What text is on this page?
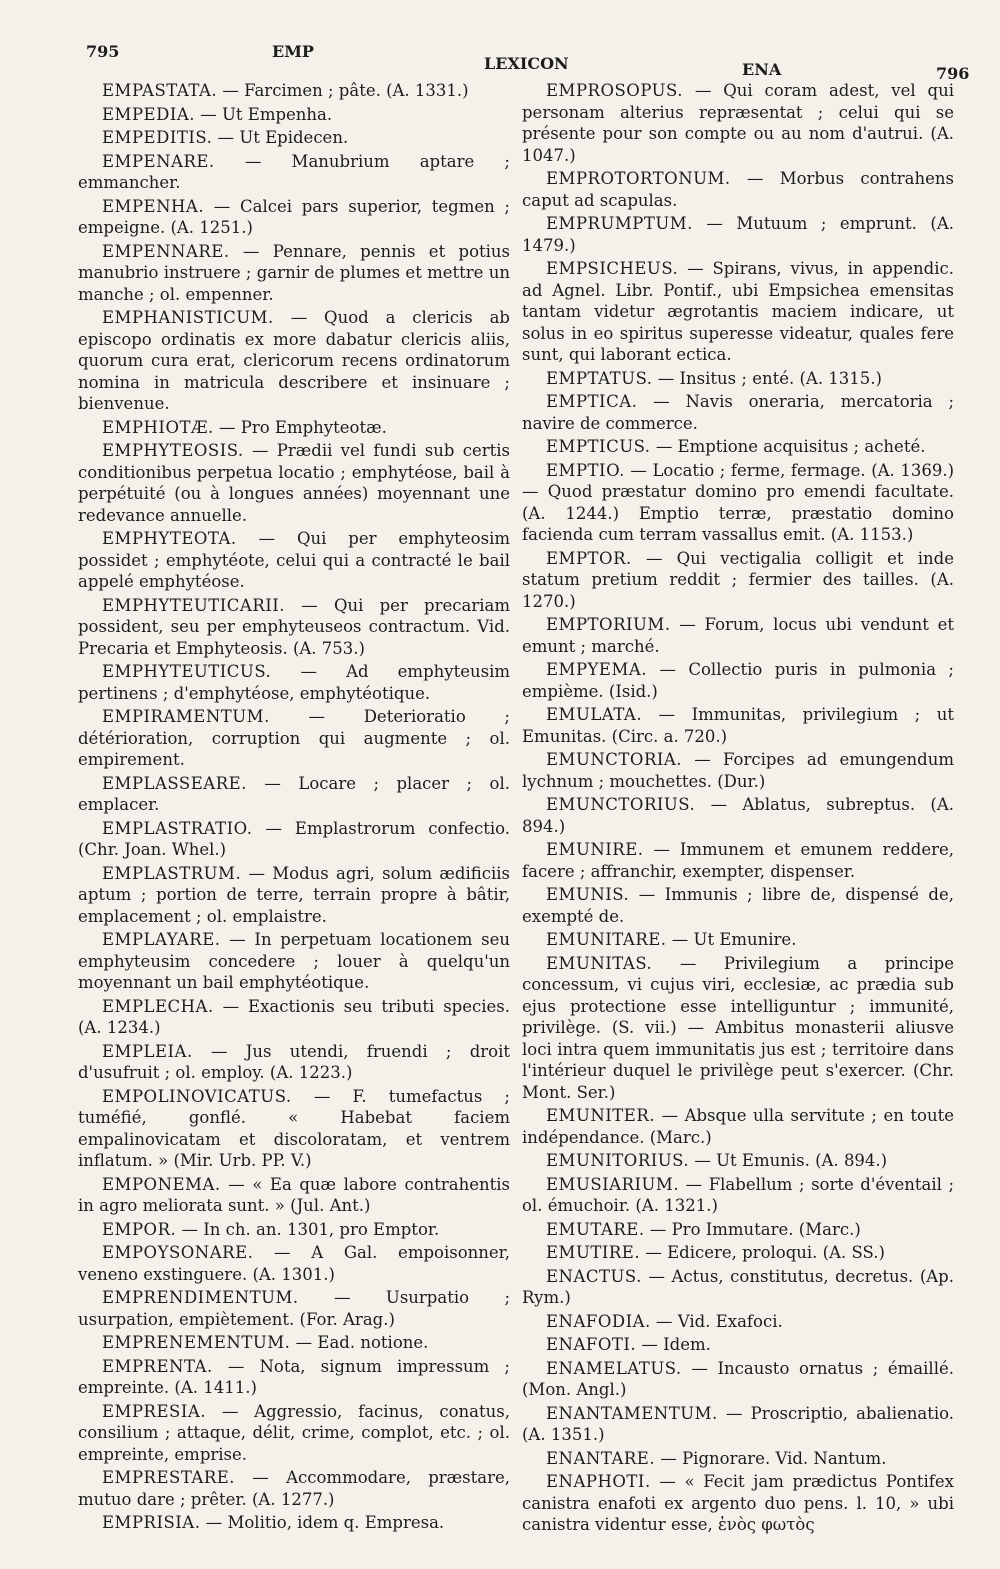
795	EMP
LEXICON	ENA	796

EMPASTATA. — Farcimen ; pâte. (A. 1331.)

EMPEDIA. — Ut Empenha.

EMPEDITIS. — Ut Epidecen.

EMPENARE. — Manubrium aptare ; emmancher.

EMPENHA. — Calcei pars superior, tegmen ; empeigne. (A. 1251.)

EMPENNARE. — Pennare, pennis et potius manubrio instruere ; garnir de plumes et mettre un manche ; ol. empenner.

EMPHANISTICUM. — Quod a clericis ab episcopo ordinatis ex more dabatur clericis aliis, quorum cura erat, clericorum recens ordinatorum nomina in matricula describere et insinuare ; bienvenue.

EMPHIOTÆ. — Pro Emphyteotæ.

EMPHYTEOSIS. — Prædii vel fundi sub certis conditionibus perpetua locatio ; emphytéose, bail à perpétuité (ou à longues années) moyennant une redevance annuelle.

EMPHYTEOTA. — Qui per emphyteosim possidet ; emphytéote, celui qui a contracté le bail appelé emphytéose.

EMPHYTEUTICARII. — Qui per precariam possident, seu per emphyteuseos contractum. Vid. Precaria et Emphyteosis. (A. 753.)

EMPHYTEUTICUS. — Ad emphyteusim pertinens ; d'emphytéose, emphytéotique.

EMPIRAMENTUM. — Deterioratio ; détérioration, corruption qui augmente ; ol. empirement.

EMPLASSEARE. — Locare ; placer ; ol. emplacer.

EMPLASTRATIO. — Emplastrorum confectio. (Chr. Joan. Whel.)

EMPLASTRUM. — Modus agri, solum ædificiis aptum ; portion de terre, terrain propre à bâtir, emplacement ; ol. emplaistre.

EMPLAYARE. — In perpetuam locationem seu emphyteusim concedere ; louer à quelqu'un moyennant un bail emphytéotique.

EMPLECHA. — Exactionis seu tributi species. (A. 1234.)

EMPLEIA. — Jus utendi, fruendi ; droit d'usufruit ; ol. employ. (A. 1223.)

EMPOLINOVICATUS. — F. tumefactus ; tuméfié, gonflé. « Habebat faciem empalinovicatam et discoloratam, et ventrem inflatum. » (Mir. Urb. PP. V.)

EMPONEMA. — « Ea quæ labore contrahentis in agro meliorata sunt. » (Jul. Ant.)

EMPOR. — In ch. an. 1301, pro Emptor.

EMPOYSONARE. — A Gal. empoisonner, veneno exstinguere. (A. 1301.)

EMPRENDIMENTUM. — Usurpatio ; usurpation, empiètement. (For. Arag.)

EMPRENEMENTUM. — Ead. notione.

EMPRENTA. — Nota, signum impressum ; empreinte. (A. 1411.)

EMPRESIA. — Aggressio, facinus, conatus, consilium ; attaque, délit, crime, complot, etc. ; ol. empreinte, emprise.

EMPRESTARE. — Accommodare, præstare, mutuo dare ; prêter. (A. 1277.)

EMPRISIA. — Molitio, idem q. Empresa.

EMPROSOPUS. — Qui coram adest, vel qui personam alterius repræsentat ; celui qui se présente pour son compte ou au nom d'autrui. (A. 1047.)

EMPROTORTONUM. — Morbus contrahens caput ad scapulas.

EMPRUMPTUM. — Mutuum ; emprunt. (A. 1479.)

EMPSICHEUS. — Spirans, vivus, in appendic. ad Agnel. Libr. Pontif., ubi Empsichea emensitas tantam videtur ægrotantis maciem indicare, ut solus in eo spiritus superesse videatur, quales fere sunt, qui laborant ectica.

EMPTATUS. — Insitus ; enté. (A. 1315.)

EMPTICA. — Navis oneraria, mercatoria ; navire de commerce.

EMPTICUS. — Emptione acquisitus ; acheté.

EMPTIO. — Locatio ; ferme, fermage. (A. 1369.) — Quod præstatur domino pro emendi facultate. (A. 1244.) Emptio terræ, præstatio domino facienda cum terram vassallus emit. (A. 1153.)

EMPTOR. — Qui vectigalia colligit et inde statum pretium reddit ; fermier des tailles. (A. 1270.)

EMPTORIUM. — Forum, locus ubi vendunt et emunt ; marché.

EMPYEMA. — Collectio puris in pulmonia ; empième. (Isid.)

EMULATA. — Immunitas, privilegium ; ut Emunitas. (Circ. a. 720.)

EMUNCTORIA. — Forcipes ad emungendum lychnum ; mouchettes. (Dur.)

EMUNCTORIUS. — Ablatus, subreptus. (A. 894.)

EMUNIRE. — Immunem et emunem reddere, facere ; affranchir, exempter, dispenser.

EMUNIS. — Immunis ; libre de, dispensé de, exempté de.

EMUNITARE. — Ut Emunire.

EMUNITAS. — Privilegium a principe concessum, vi cujus viri, ecclesiæ, ac prædia sub ejus protectione esse intelliguntur ; immunité, privilège. (S. vii.) — Ambitus monasterii aliusve loci intra quem immunitatis jus est ; territoire dans l'intérieur duquel le privilège peut s'exercer. (Chr. Mont. Ser.)

EMUNITER. — Absque ulla servitute ; en toute indépendance. (Marc.)

EMUNITORIUS. — Ut Emunis. (A. 894.)

EMUSIARIUM. — Flabellum ; sorte d'éventail ; ol. émuchoir. (A. 1321.)

EMUTARE. — Pro Immutare. (Marc.)

EMUTIRE. — Edicere, proloqui. (A. SS.)

ENACTUS. — Actus, constitutus, decretus. (Ap. Rym.)

ENAFODIA. — Vid. Exafoci.

ENAFOTI. — Idem.

ENAMELATUS. — Incausto ornatus ; émaillé. (Mon. Angl.)

ENANTAMENTUM. — Proscriptio, abalienatio. (A. 1351.)

ENANTARE. — Pignorare. Vid. Nantum.

ENAPHOTI. — « Fecit jam prædictus Pontifex canistra enafoti ex argento duo pens. l. 10, » ubi canistra videntur esse, ἑνὸς φωτὸς
